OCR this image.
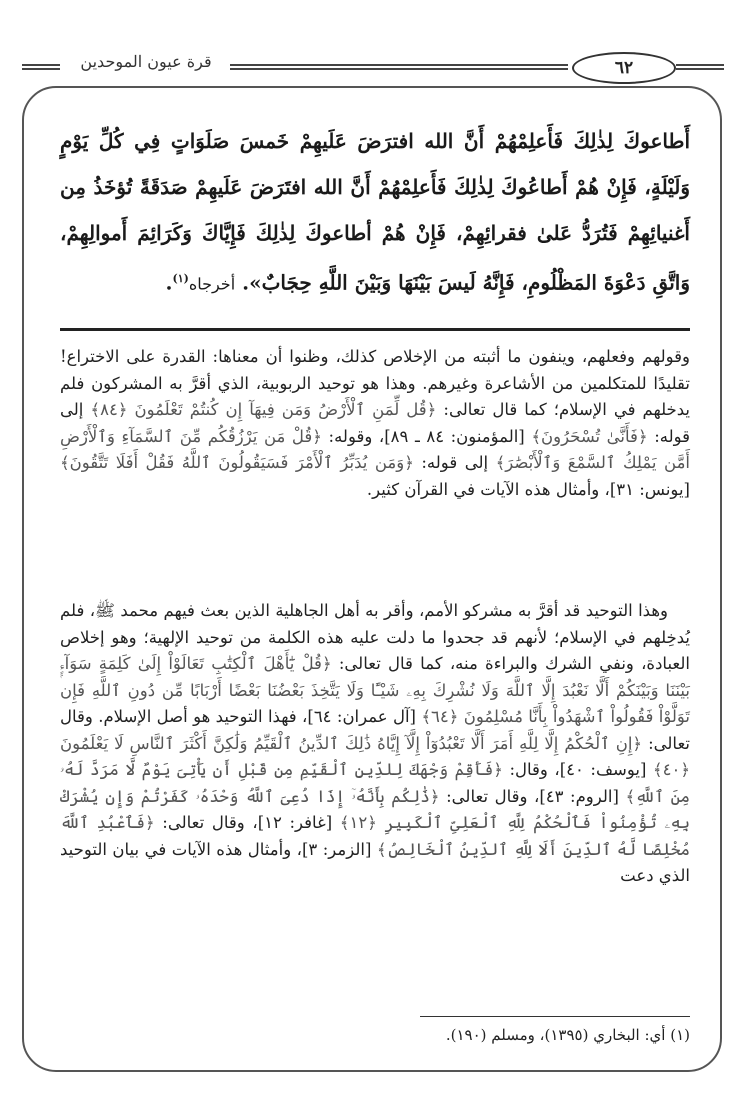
قرة عيون الموحدين	٦٢
أَطاعوكَ لِذٰلِكَ فَأَعلِمْهُمْ أَنَّ الله افترَضَ عَلَيهِمْ خَمسَ صَلَوَاتٍ فِي كُلِّ يَوْمٍ وَلَيْلَةٍ، فَإِنْ هُمْ أَطاعُوكَ لِذٰلِكَ فَأَعلِمْهُمْ أَنَّ الله افتَرَضَ عَلَيهِمْ صَدَقَةً تُؤخَذُ مِن أَغنيائِهِمْ فَتُرَدُّ عَلىٰ فقرائِهِمْ، فَإِنْ هُمْ أطاعوكَ لِذٰلِكَ فَإِيَّاكَ وَكَرَائِمَ أَموالِهِمْ، وَاتَّقِ دَعْوَةَ المَظْلُومِ، فَإِنَّهُ لَيسَ بَيْنَهَا وَبَيْنَ اللَّهِ حِجَابٌ». أخرجاه$^{(١)}$.
وقولهم وفعلهم، وينفون ما أثبته من الإخلاص كذلك، وظنوا أن معناها: القدرة على الاختراع! تقليدًا للمتكلمين من الأشاعرة وغيرهم. وهذا هو توحيد الربوبية، الذي أقرَّ به المشركون فلم يدخلهم في الإسلام؛ كما قال تعالى: ﴿قُل لِّمَنِ ٱلْأَرْضُ وَمَن فِيهَآ إِن كُنتُمْ تَعْلَمُونَ ﴿٨٤﴾ إلى قوله: ﴿فَأَنَّىٰ تُسْحَرُونَ﴾ [المؤمنون: ٨٤ ـ ٨٩]، وقوله: ﴿قُلْ مَن يَرْزُقُكُم مِّنَ ٱلسَّمَآءِ وَٱلْأَرْضِ أَمَّن يَمْلِكُ ٱلسَّمْعَ وَٱلْأَبْصَٰرَ﴾ إلى قوله: ﴿وَمَن يُدَبِّرُ ٱلْأَمْرَ فَسَيَقُولُونَ ٱللَّهُ فَقُلْ أَفَلَا تَتَّقُونَ﴾ [يونس: ٣١]، وأمثال هذه الآيات في القرآن كثير.
وهذا التوحيد قد أقرَّ به مشركو الأمم، وأقر به أهل الجاهلية الذين بعث فيهم محمد ﷺ، فلم يُدخِلهم في الإسلام؛ لأنهم قد جحدوا ما دلت عليه هذه الكلمة من توحيد الإلهية؛ وهو إخلاص العبادة، ونفي الشرك والبراءة منه، كما قال تعالى: ﴿قُلْ يَٰٓأَهْلَ ٱلْكِتَٰبِ تَعَالَوْاْ إِلَىٰ كَلِمَةٍ سَوَآءٍۭ بَيْنَنَا وَبَيْنَكُمْ أَلَّا نَعْبُدَ إِلَّا ٱللَّهَ وَلَا نُشْرِكَ بِهِۦ شَيْـًٔا وَلَا يَتَّخِذَ بَعْضُنَا بَعْضًا أَرْبَابًا مِّن دُونِ ٱللَّهِ فَإِن تَوَلَّوْاْ فَقُولُواْ ٱشْهَدُواْ بِأَنَّا مُسْلِمُونَ ﴿٦٤﴾ [آل عمران: ٦٤]، فهذا التوحيد هو أصل الإسلام. وقال تعالى: ﴿إِنِ ٱلْحُكْمُ إِلَّا لِلَّهِ أَمَرَ أَلَّا تَعْبُدُوٓاْ إِلَّآ إِيَّاهُ ذَٰلِكَ ٱلدِّينُ ٱلْقَيِّمُ وَلَٰكِنَّ أَكْثَرَ ٱلنَّاسِ لَا يَعْلَمُونَ ﴿٤٠﴾ [يوسف: ٤٠]، وقال: ﴿فَأَقِمْ وَجْهَكَ لِلدِّينِ ٱلْقَيِّمِ مِن قَبْلِ أَن يَأْتِىَ يَوْمٌ لَّا مَرَدَّ لَهُۥ مِنَ ٱللَّهِ﴾ [الروم: ٤٣]، وقال تعالى: ﴿ذَٰلِكُم بِأَنَّهُۥٓ إِذَا دُعِىَ ٱللَّهُ وَحْدَهُۥ كَفَرْتُمْ وَإِن يُشْرَكْ بِهِۦ تُؤْمِنُواْ فَٱلْحُكْمُ لِلَّهِ ٱلْعَلِىِّ ٱلْكَبِيرِ ﴿١٢﴾ [غافر: ١٢]، وقال تعالى: ﴿فَٱعْبُدِ ٱللَّهَ مُخْلِصًا لَّهُ ٱلدِّينَ أَلَا لِلَّهِ ٱلدِّينُ ٱلْخَالِصُ﴾ [الزمر: ٣]، وأمثال هذه الآيات في بيان التوحيد الذي دعت
(١) أي: البخاري (١٣٩٥)، ومسلم (١٩٠).
